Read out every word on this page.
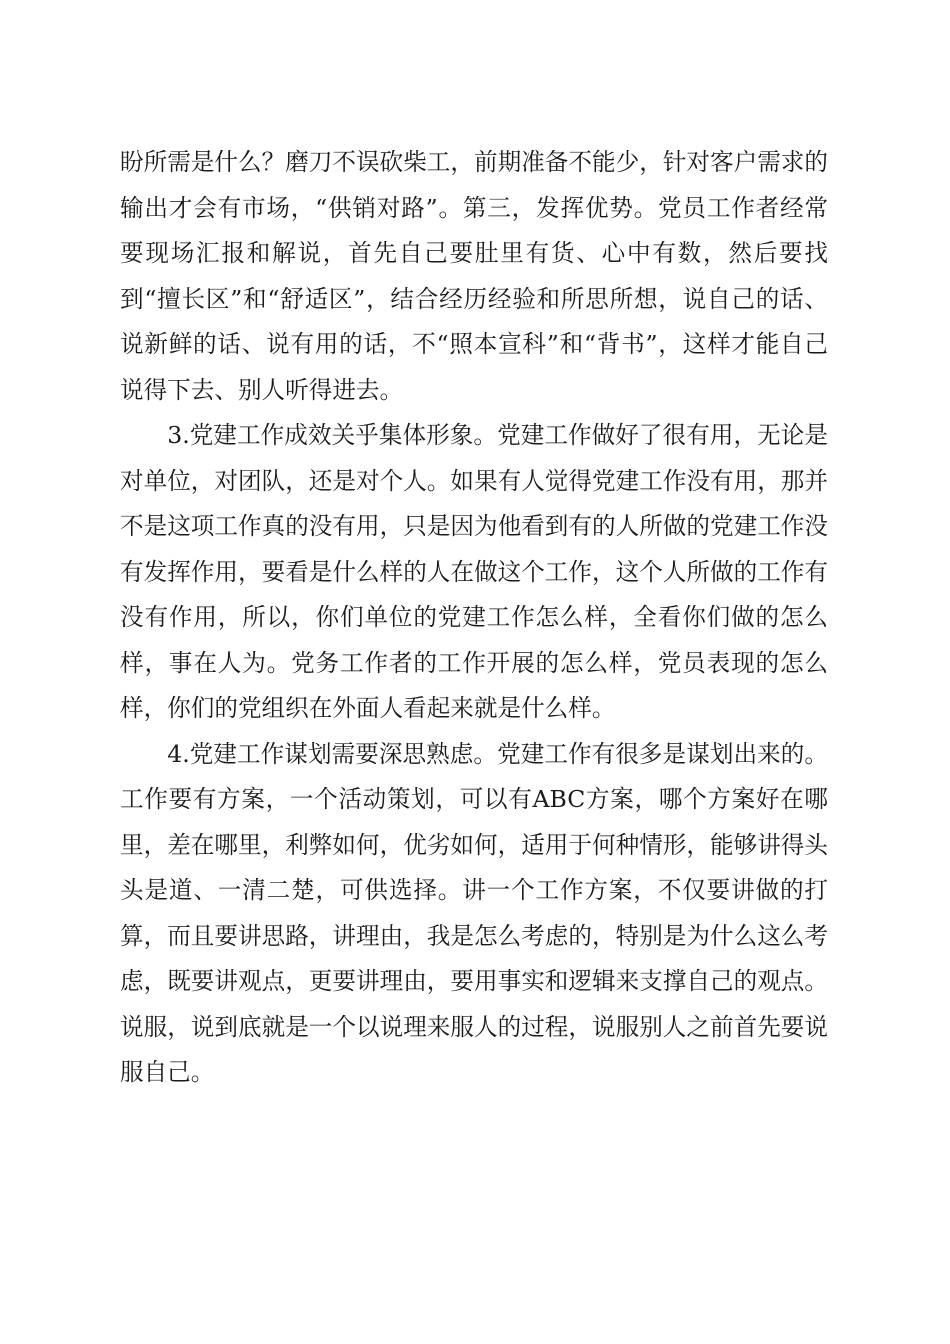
盼所需是什么？磨刀不误砍柴工，前期准备不能少，针对客户需求的输出才会有市场，“供销对路”。第三，发挥优势。党员工作者经常要现场汇报和解说，首先自己要肚里有货、心中有数，然后要找到“擅长区”和“舒适区”，结合经历经验和所思所想，说自己的话、说新鲜的话、说有用的话，不“照本宣科”和“背书”，这样才能自己说得下去、别人听得进去。

3.党建工作成效关乎集体形象。党建工作做好了很有用，无论是对单位，对团队，还是对个人。如果有人觉得党建工作没有用，那并不是这项工作真的没有用，只是因为他看到有的人所做的党建工作没有发挥作用，要看是什么样的人在做这个工作，这个人所做的工作有没有作用，所以，你们单位的党建工作怎么样，全看你们做的怎么样，事在人为。党务工作者的工作开展的怎么样，党员表现的怎么样，你们的党组织在外面人看起来就是什么样。

4.党建工作谋划需要深思熟虑。党建工作有很多是谋划出来的。工作要有方案，一个活动策划，可以有ABC方案，哪个方案好在哪里，差在哪里，利弊如何，优劣如何，适用于何种情形，能够讲得头头是道、一清二楚，可供选择。讲一个工作方案，不仅要讲做的打算，而且要讲思路，讲理由，我是怎么考虑的，特别是为什么这么考虑，既要讲观点，更要讲理由，要用事实和逻辑来支撑自己的观点。说服，说到底就是一个以说理来服人的过程，说服别人之前首先要说服自己。
